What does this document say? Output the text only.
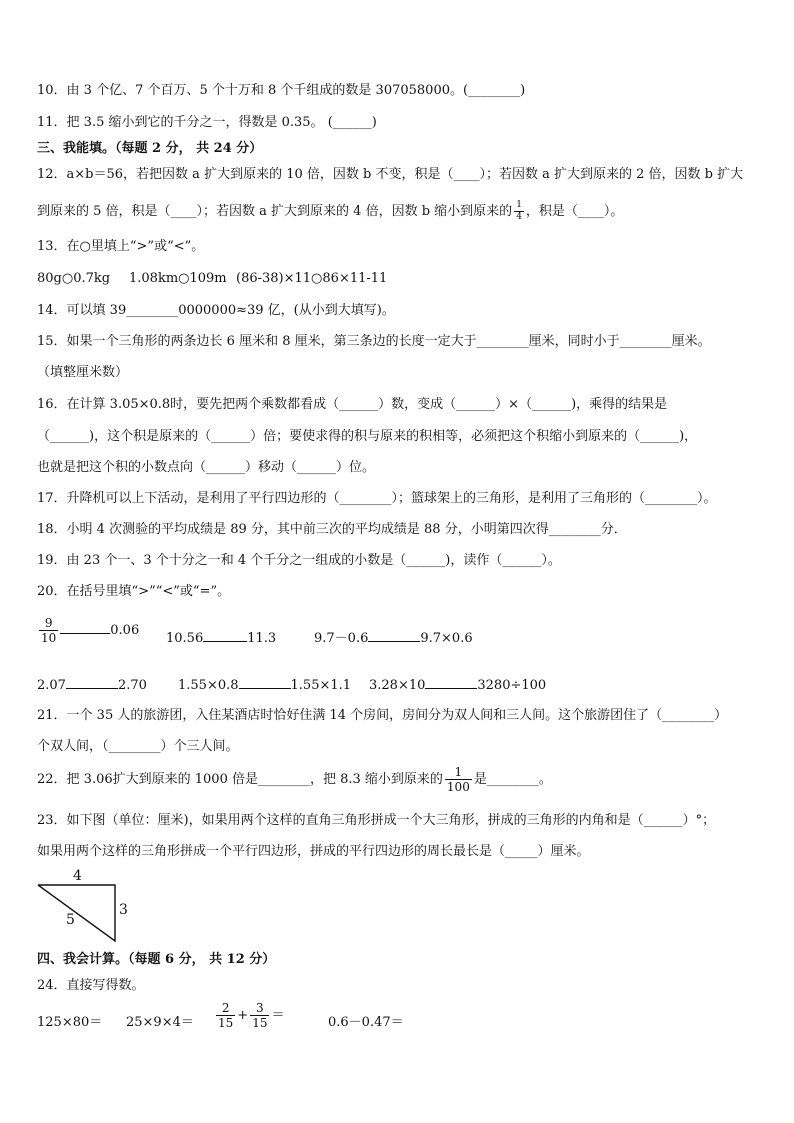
10．由 3 个亿、7 个百万、5 个十万和 8 个千组成的数是 307058000。(________)
11．把 3.5 缩小到它的千分之一，得数是 0.35。 (______)
三、我能填。（每题 2 分， 共 24 分）
12．a×b＝56，若把因数 a 扩大到原来的 10 倍，因数 b 不变，积是（____）；若因数 a 扩大到原来的 2 倍，因数 b 扩大
到原来的 5 倍，积是（____）；若因数 a 扩大到原来的 4 倍，因数 b 缩小到原来的 $\frac{1}{4}$ ，积是（____）。
13．在○里填上“>”或“<”。
80g○0.7kg 1.08km○109m (86-38)×11○86×11-11
14．可以填 39________0000000≈39 亿，(从小到大填写)。
15．如果一个三角形的两条边长 6 厘米和 8 厘米，第三条边的长度一定大于________厘米，同时小于________厘米。
（填整厘米数）
16．在计算 3.05×0.8时，要先把两个乘数都看成（______）数，变成（______）×（______)，乘得的结果是
（______)，这个积是原来的（______）倍；要使求得的积与原来的积相等，必须把这个积缩小到原来的（______)，
也就是把这个积的小数点向（______）移动（______）位。
17．升降机可以上下活动，是利用了平行四边形的（________）；篮球架上的三角形，是利用了三角形的（________）。
18．小明 4 次测验的平均成绩是 89 分，其中前三次的平均成绩是 88 分，小明第四次得________分．
19．由 23 个一、3 个十分之一和 4 个千分之一组成的小数是（______)，读作（______）。
20．在括号里填“>”“<”或“=”。
$\frac{9}{10}$	0.06
10.56	11.3	9.7－0.6	9.7×0.6
2.07	2.70 1.55×0.8	1.55×1.1 3.28×10	3280÷100
21．一个 35 人的旅游团，入住某酒店时恰好住满 14 个房间，房间分为双人间和三人间。这个旅游团住了（________）
个双人间，（________）个三人间。
22．把 3.06扩大到原来的 1000 倍是________，把 8.3 缩小到原来的 $\frac{1}{100}$ 是________。
23．如下图（单位：厘米)，如果用两个这样的直角三角形拼成一个大三角形，拼成的三角形的内角和是（______）°；
如果用两个这样的三角形拼成一个平行四边形，拼成的平行四边形的周长最长是（_____）厘米。
4
3
5
四、我会计算。（每题 6 分， 共 12 分）
24．直接写得数。
$125\times 80= 25\times 9\times 4= \frac{2}{15} + \frac{3}{15}$ ＝	0.6－0.47＝
